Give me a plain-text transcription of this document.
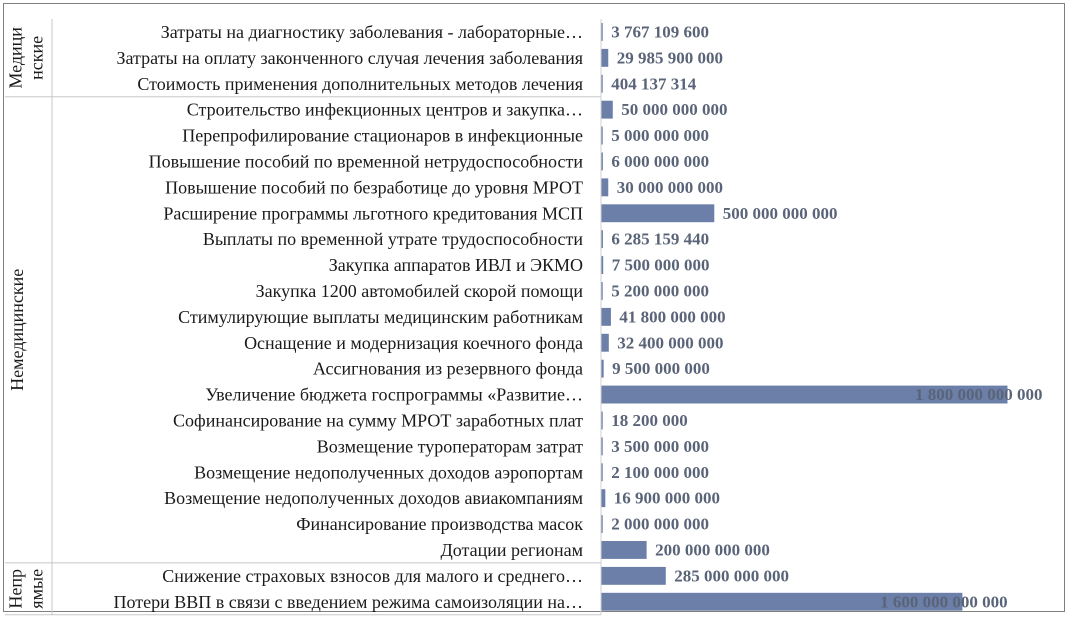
Медици нские
Немедицинские
Непр ямые
Затраты на диагностику заболевания - лабораторные…
Затраты на оплату законченного случая лечения заболевания
Стоимость применения дополнительных методов лечения
Строительство инфекционных центров и закупка…
Перепрофилирование стационаров в инфекционные
Повышение пособий по временной нетрудоспособности
Повышение пособий по безработице до уровня МРОТ
Расширение программы льготного кредитования МСП
Выплаты по временной утрате трудоспособности
Закупка аппаратов ИВЛ и ЭКМО
Закупка 1200 автомобилей скорой помощи
Стимулирующие выплаты медицинским работникам
Оснащение и модернизация коечного фонда
Ассигнования из резервного фонда
Увеличение бюджета госпрограммы «Развитие…
Софинансирование на сумму МРОТ заработных плат
Возмещение туроператорам затрат
Возмещение недополученных доходов аэропортам
Возмещение недополученных доходов авиакомпаниям
Финансирование производства масок
Дотации регионам
Снижение страховых взносов для малого и среднего…
Потери ВВП в связи с введением режима самоизоляции на…
3 767 109 600
29 985 900 000
404 137 314
50 000 000 000
5 000 000 000
6 000 000 000
30 000 000 000
500 000 000 000
6 285 159 440
7 500 000 000
5 200 000 000
41 800 000 000
32 400 000 000
9 500 000 000
1 800 000 000 000
18 200 000
3 500 000 000
2 100 000 000
16 900 000 000
2 000 000 000
200 000 000 000
285 000 000 000
1 600 000 000 000
